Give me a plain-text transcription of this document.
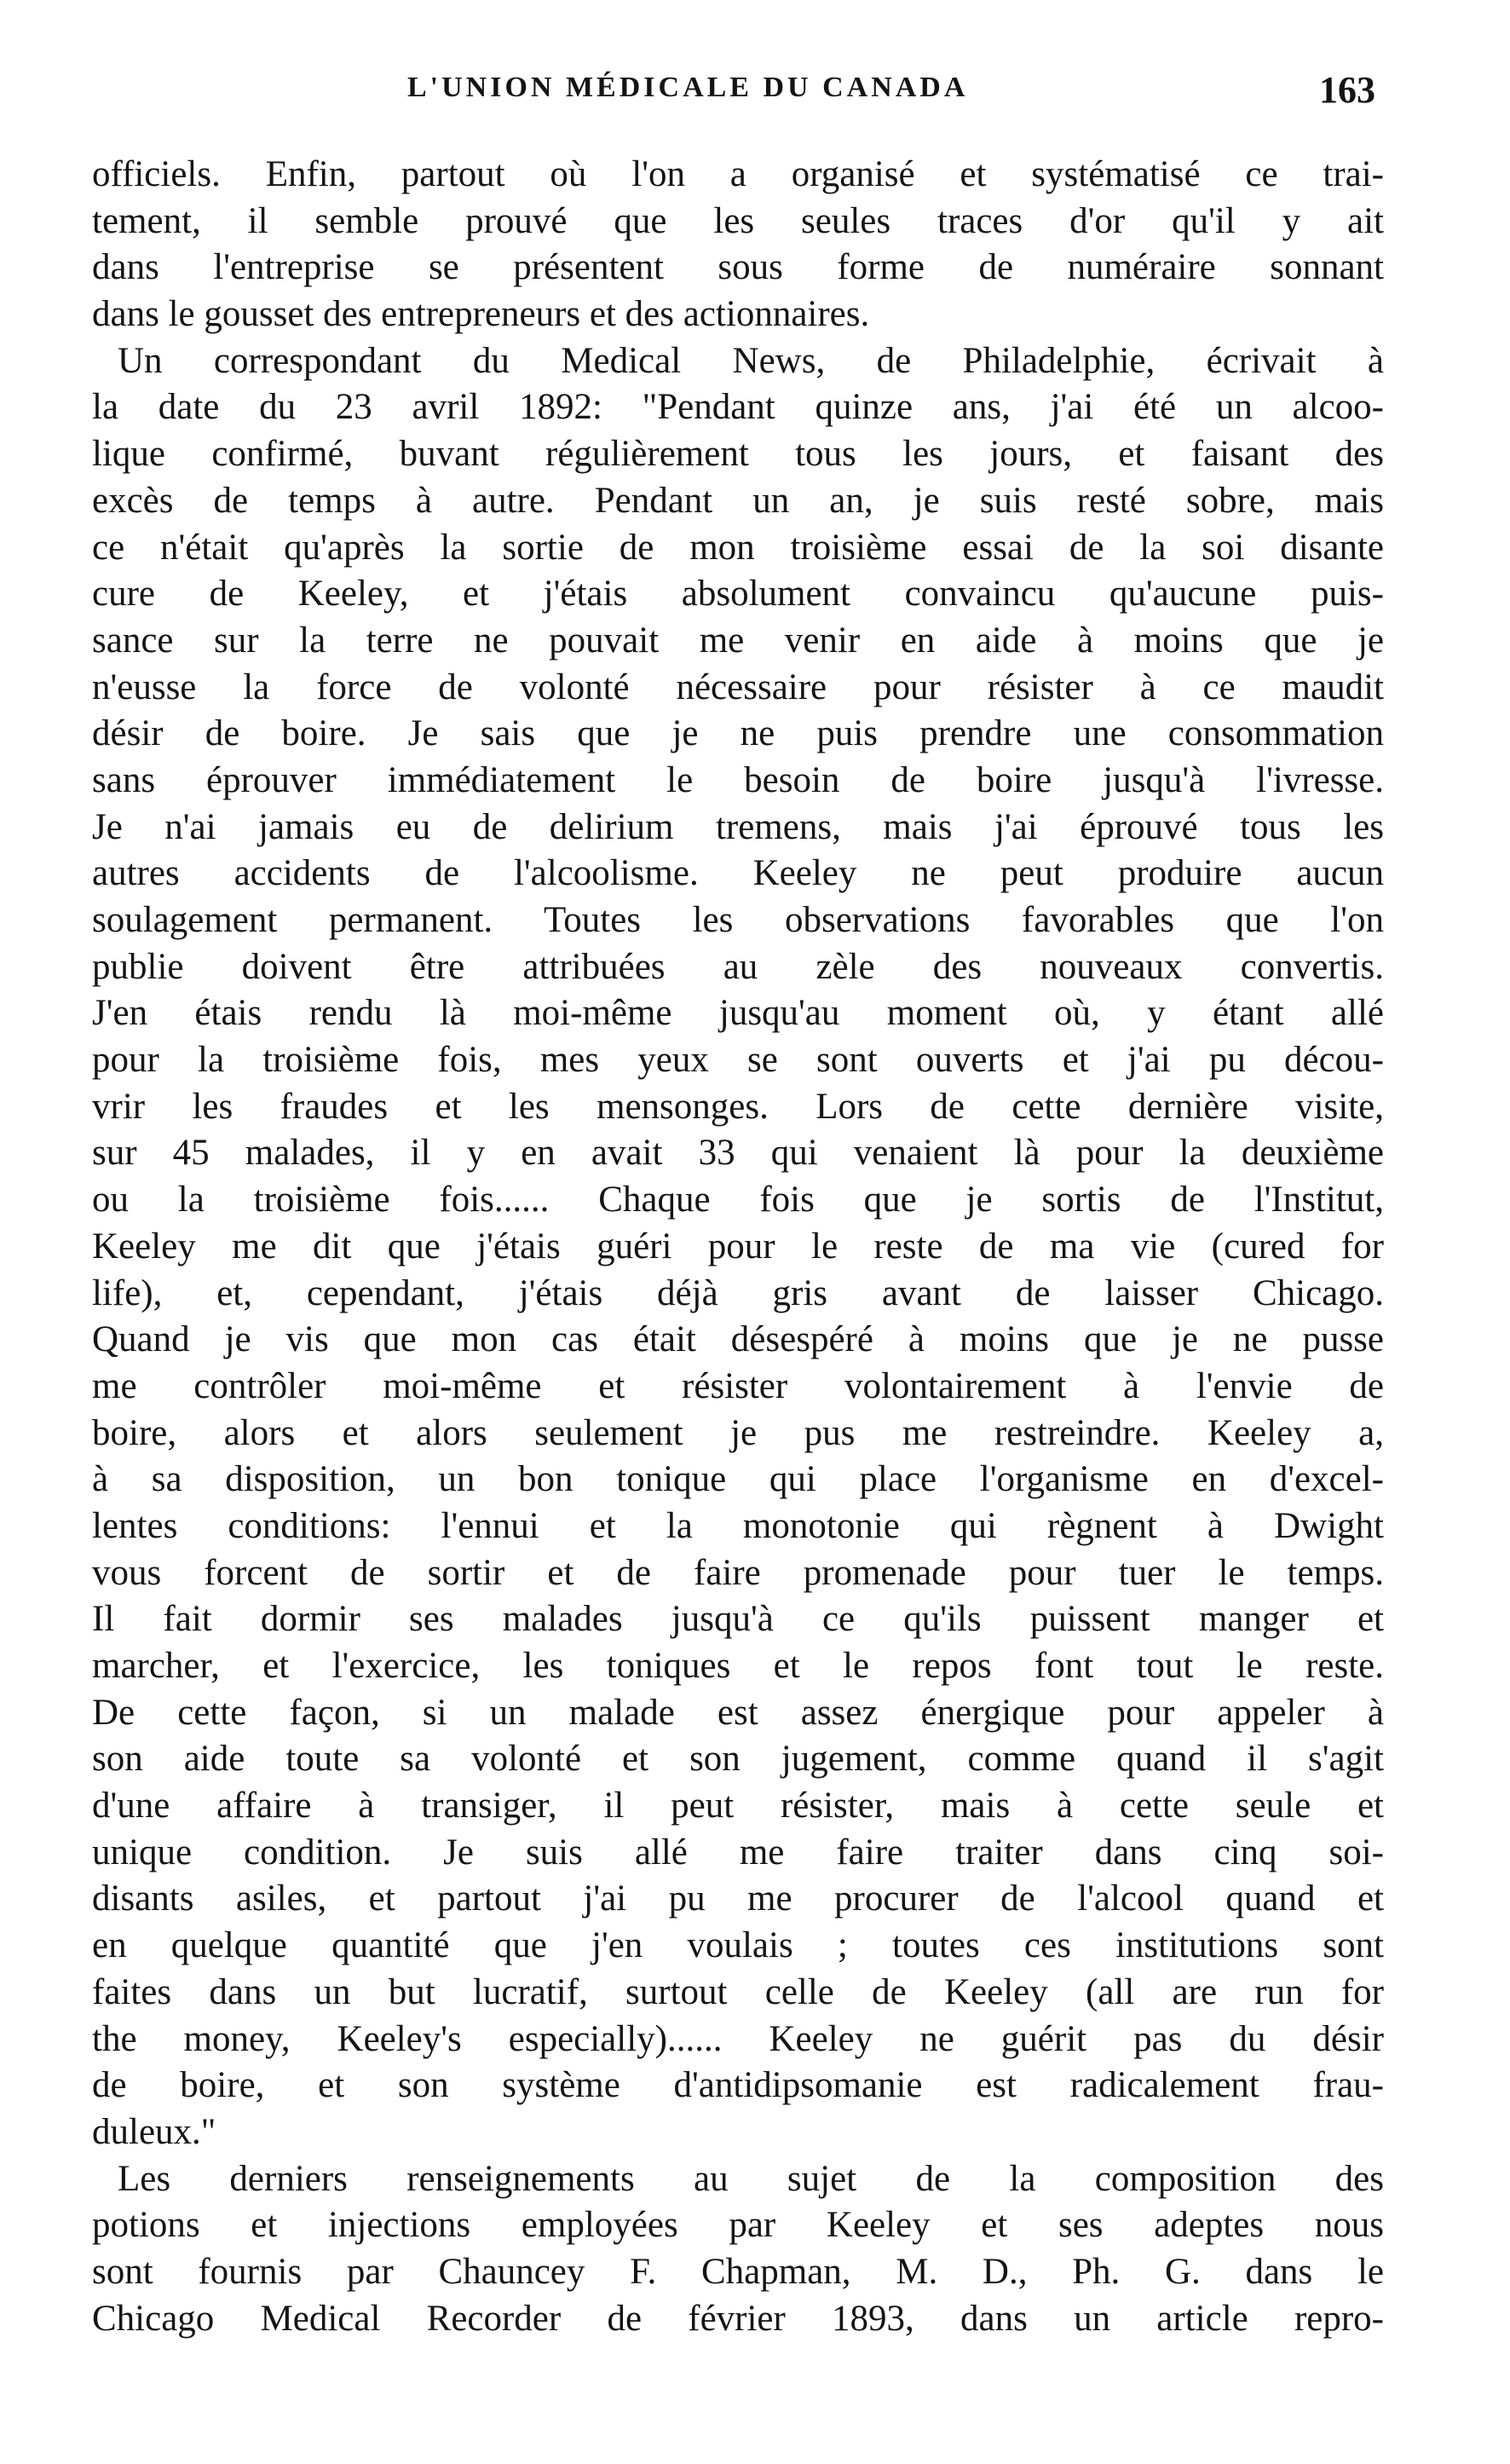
L'UNION MÉDICALE DU CANADA	163
officiels. Enfin, partout où l'on a organisé et systématisé ce trai-
tement, il semble prouvé que les seules traces d'or qu'il y ait
dans l'entreprise se présentent sous forme de numéraire sonnant
dans le gousset des entrepreneurs et des actionnaires.
Un correspondant du Medical News, de Philadelphie, écrivait à
la date du 23 avril 1892: "Pendant quinze ans, j'ai été un alcoo-
lique confirmé, buvant régulièrement tous les jours, et faisant des
excès de temps à autre. Pendant un an, je suis resté sobre, mais
ce n'était qu'après la sortie de mon troisième essai de la soi disante
cure de Keeley, et j'étais absolument convaincu qu'aucune puis-
sance sur la terre ne pouvait me venir en aide à moins que je
n'eusse la force de volonté nécessaire pour résister à ce maudit
désir de boire. Je sais que je ne puis prendre une consommation
sans éprouver immédiatement le besoin de boire jusqu'à l'ivresse.
Je n'ai jamais eu de delirium tremens, mais j'ai éprouvé tous les
autres accidents de l'alcoolisme. Keeley ne peut produire aucun
soulagement permanent. Toutes les observations favorables que l'on
publie doivent être attribuées au zèle des nouveaux convertis.
J'en étais rendu là moi-même jusqu'au moment où, y étant allé
pour la troisième fois, mes yeux se sont ouverts et j'ai pu décou-
vrir les fraudes et les mensonges. Lors de cette dernière visite,
sur 45 malades, il y en avait 33 qui venaient là pour la deuxième
ou la troisième fois...... Chaque fois que je sortis de l'Institut,
Keeley me dit que j'étais guéri pour le reste de ma vie (cured for
life), et, cependant, j'étais déjà gris avant de laisser Chicago.
Quand je vis que mon cas était désespéré à moins que je ne pusse
me contrôler moi-même et résister volontairement à l'envie de
boire, alors et alors seulement je pus me restreindre. Keeley a,
à sa disposition, un bon tonique qui place l'organisme en d'excel-
lentes conditions: l'ennui et la monotonie qui règnent à Dwight
vous forcent de sortir et de faire promenade pour tuer le temps.
Il fait dormir ses malades jusqu'à ce qu'ils puissent manger et
marcher, et l'exercice, les toniques et le repos font tout le reste.
De cette façon, si un malade est assez énergique pour appeler à
son aide toute sa volonté et son jugement, comme quand il s'agit
d'une affaire à transiger, il peut résister, mais à cette seule et
unique condition. Je suis allé me faire traiter dans cinq soi-
disants asiles, et partout j'ai pu me procurer de l'alcool quand et
en quelque quantité que j'en voulais ; toutes ces institutions sont
faites dans un but lucratif, surtout celle de Keeley (all are run for
the money, Keeley's especially)...... Keeley ne guérit pas du désir
de boire, et son système d'antidipsomanie est radicalement frau-
duleux."
Les derniers renseignements au sujet de la composition des
potions et injections employées par Keeley et ses adeptes nous
sont fournis par Chauncey F. Chapman, M. D., Ph. G. dans le
Chicago Medical Recorder de février 1893, dans un article repro-
